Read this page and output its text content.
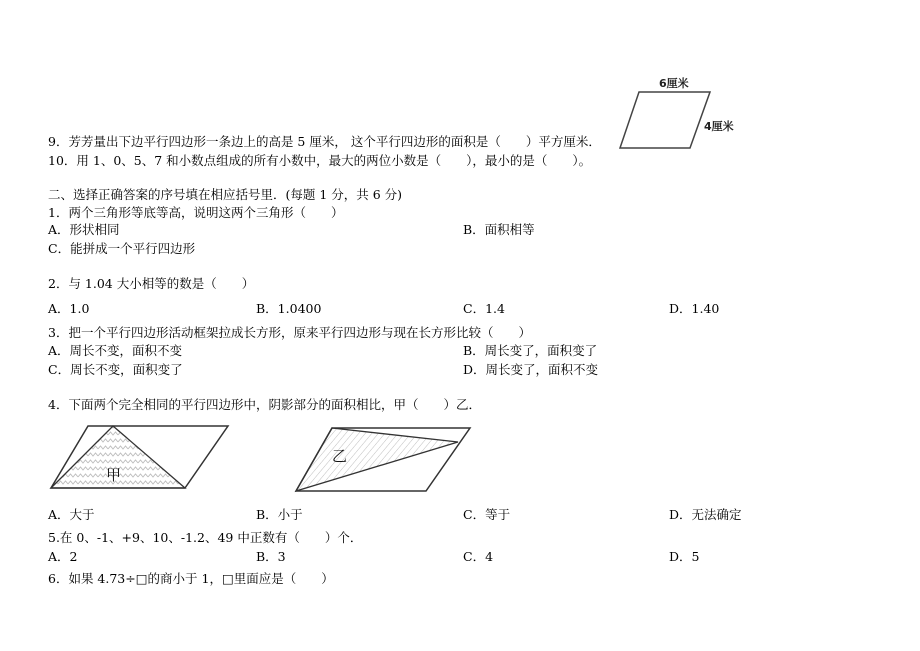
6厘米
4厘米
9．芳芳量出下边平行四边形一条边上的高是 5 厘米， 这个平行四边形的面积是（　　）平方厘米．
10．用 1、0、5、7 和小数点组成的所有小数中，最大的两位小数是（　　），最小的是（　　）。
二、选择正确答案的序号填在相应括号里．(每题 1 分，共 6 分)
1．两个三角形等底等高，说明这两个三角形（　　）
A．形状相同	B．面积相等
C．能拼成一个平行四边形
2．与 1.04 大小相等的数是（　　）
A．1.0	B．1.0400	C．1.4	D．1.40
3．把一个平行四边形活动框架拉成长方形，原来平行四边形与现在长方形比较（　　）
A．周长不变，面积不变	B．周长变了，面积变了
C．周长不变，面积变了	D．周长变了，面积不变
4．下面两个完全相同的平行四边形中，阴影部分的面积相比，甲（　　）乙．
甲
乙
A．大于	B．小于	C．等于	D．无法确定
5.在 0、-1、+9、10、-1.2、49 中正数有（　　）个．
A．2	B．3	C．4	D．5
6．如果 4.73÷□的商小于 1，□里面应是（　　）
